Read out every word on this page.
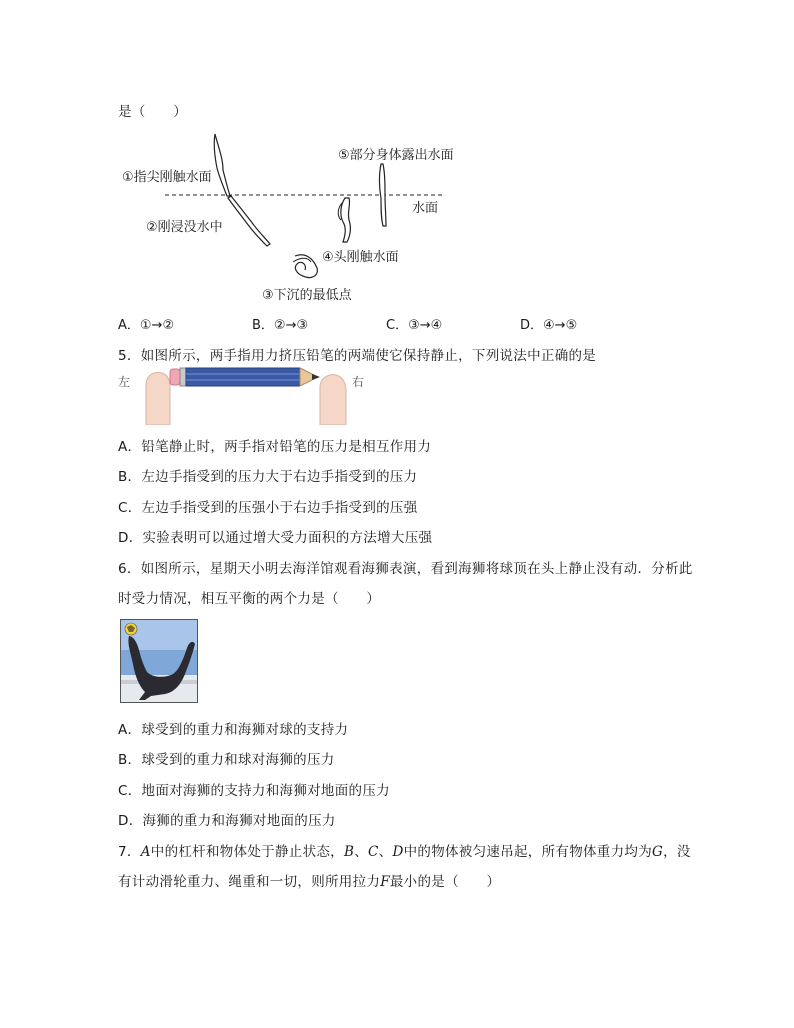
是（　　）
①指尖刚触水面
②刚浸没水中
③下沉的最低点
④头刚触水面
⑤部分身体露出水面
水面
A．①→②	B．②→③	C．③→④	D．④→⑤
5．如图所示，两手指用力挤压铅笔的两端使它保持静止，下列说法中正确的是
左	右
A．铅笔静止时，两手指对铅笔的压力是相互作用力
B．左边手指受到的压力大于右边手指受到的压力
C．左边手指受到的压强小于右边手指受到的压强
D．实验表明可以通过增大受力面积的方法增大压强
6．如图所示，星期天小明去海洋馆观看海狮表演，看到海狮将球顶在头上静止没有动．分析此
时受力情况，相互平衡的两个力是（　　）
A．球受到的重力和海狮对球的支持力
B．球受到的重力和球对海狮的压力
C．地面对海狮的支持力和海狮对地面的压力
D．海狮的重力和海狮对地面的压力
7．A中的杠杆和物体处于静止状态，B、C、D中的物体被匀速吊起，所有物体重力均为G，没
有计动滑轮重力、绳重和一切，则所用拉力F最小的是（　　）
